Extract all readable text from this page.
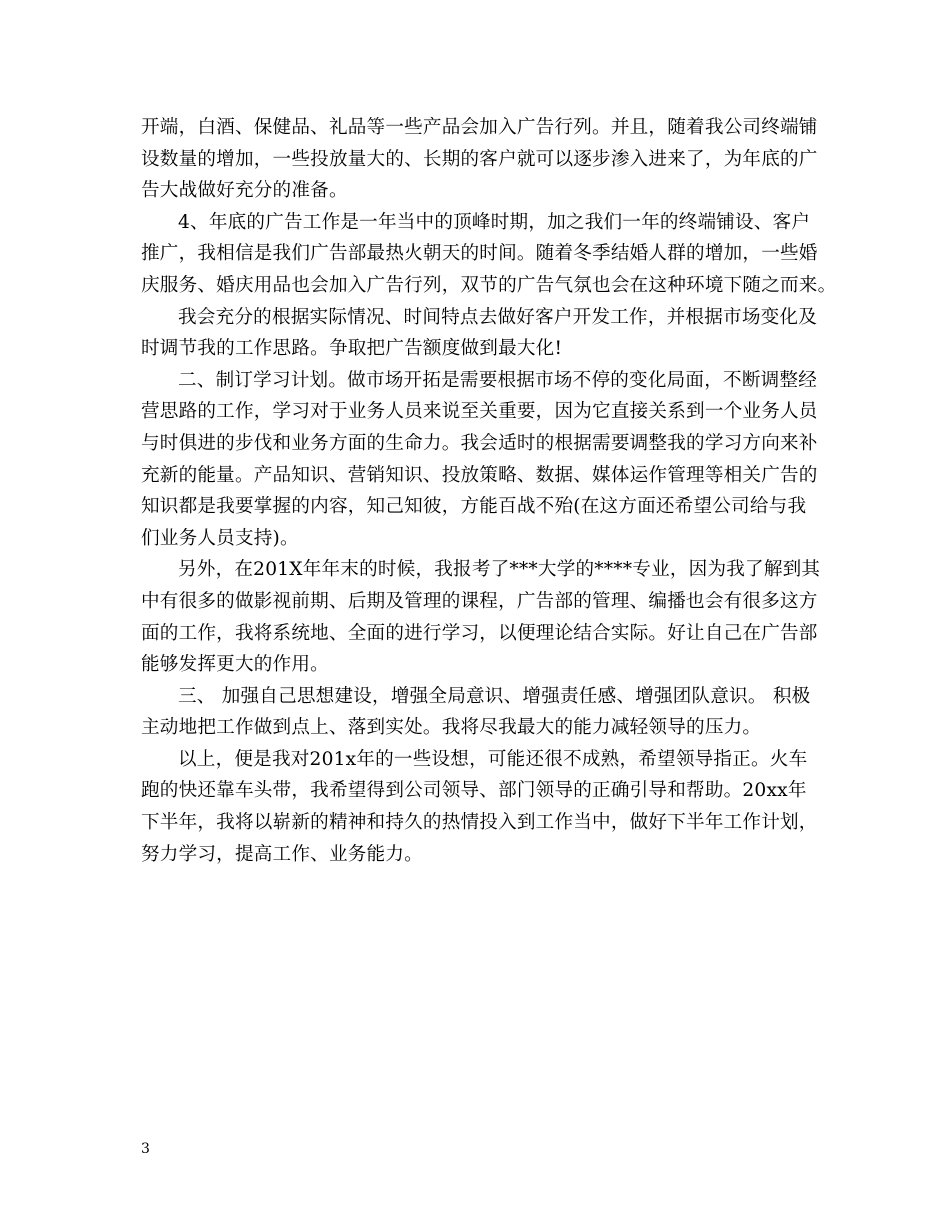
开端，白酒、保健品、礼品等一些产品会加入广告行列。并且，随着我公司终端铺
设数量的增加，一些投放量大的、长期的客户就可以逐步渗入进来了，为年底的广
告大战做好充分的准备。
4、年底的广告工作是一年当中的顶峰时期，加之我们一年的终端铺设、客户
推广，我相信是我们广告部最热火朝天的时间。随着冬季结婚人群的增加，一些婚
庆服务、婚庆用品也会加入广告行列，双节的广告气氛也会在这种环境下随之而来。
我会充分的根据实际情况、时间特点去做好客户开发工作，并根据市场变化及
时调节我的工作思路。争取把广告额度做到最大化!
二、制订学习计划。做市场开拓是需要根据市场不停的变化局面，不断调整经
营思路的工作，学习对于业务人员来说至关重要，因为它直接关系到一个业务人员
与时俱进的步伐和业务方面的生命力。我会适时的根据需要调整我的学习方向来补
充新的能量。产品知识、营销知识、投放策略、数据、媒体运作管理等相关广告的
知识都是我要掌握的内容，知己知彼，方能百战不殆(在这方面还希望公司给与我
们业务人员支持)。
另外，在201X年年末的时候，我报考了***大学的****专业，因为我了解到其
中有很多的做影视前期、后期及管理的课程，广告部的管理、编播也会有很多这方
面的工作，我将系统地、全面的进行学习，以便理论结合实际。好让自己在广告部
能够发挥更大的作用。
三、 加强自己思想建设，增强全局意识、增强责任感、增强团队意识。 积极
主动地把工作做到点上、落到实处。我将尽我最大的能力减轻领导的压力。
以上，便是我对201x年的一些设想，可能还很不成熟，希望领导指正。火车
跑的快还靠车头带，我希望得到公司领导、部门领导的正确引导和帮助。20xx年
下半年，我将以崭新的精神和持久的热情投入到工作当中，做好下半年工作计划，
努力学习，提高工作、业务能力。
3
